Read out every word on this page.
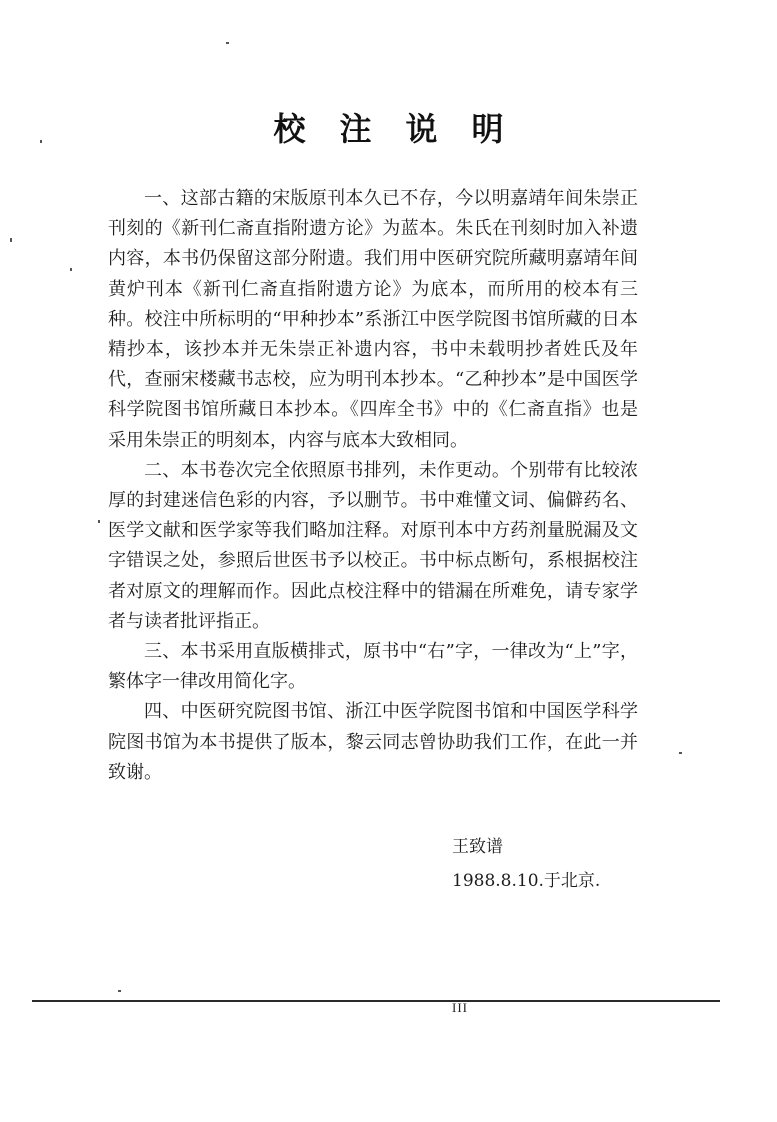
校注说明

一、这部古籍的宋版原刊本久已不存，今以明嘉靖年间朱崇正刊刻的《新刊仁斋直指附遗方论》为蓝本。朱氏在刊刻时加入补遗内容，本书仍保留这部分附遗。我们用中医研究院所藏明嘉靖年间黄炉刊本《新刊仁斋直指附遗方论》为底本，而所用的校本有三种。校注中所标明的“甲种抄本”系浙江中医学院图书馆所藏的日本精抄本，该抄本并无朱崇正补遗内容，书中未载明抄者姓氏及年代，查丽宋楼藏书志校，应为明刊本抄本。“乙种抄本”是中国医学科学院图书馆所藏日本抄本。《四库全书》中的《仁斋直指》也是采用朱崇正的明刻本，内容与底本大致相同。

二、本书卷次完全依照原书排列，未作更动。个别带有比较浓厚的封建迷信色彩的内容，予以删节。书中难懂文词、偏僻药名、医学文献和医学家等我们略加注释。对原刊本中方药剂量脱漏及文字错误之处，参照后世医书予以校正。书中标点断句，系根据校注者对原文的理解而作。因此点校注释中的错漏在所难免，请专家学者与读者批评指正。

三、本书采用直版横排式，原书中“右”字，一律改为“上”字，繁体字一律改用简化字。

四、中医研究院图书馆、浙江中医学院图书馆和中国医学科学院图书馆为本书提供了版本，黎云同志曾协助我们工作，在此一并致谢。

王致谱
1988.8.10.于北京.
III
